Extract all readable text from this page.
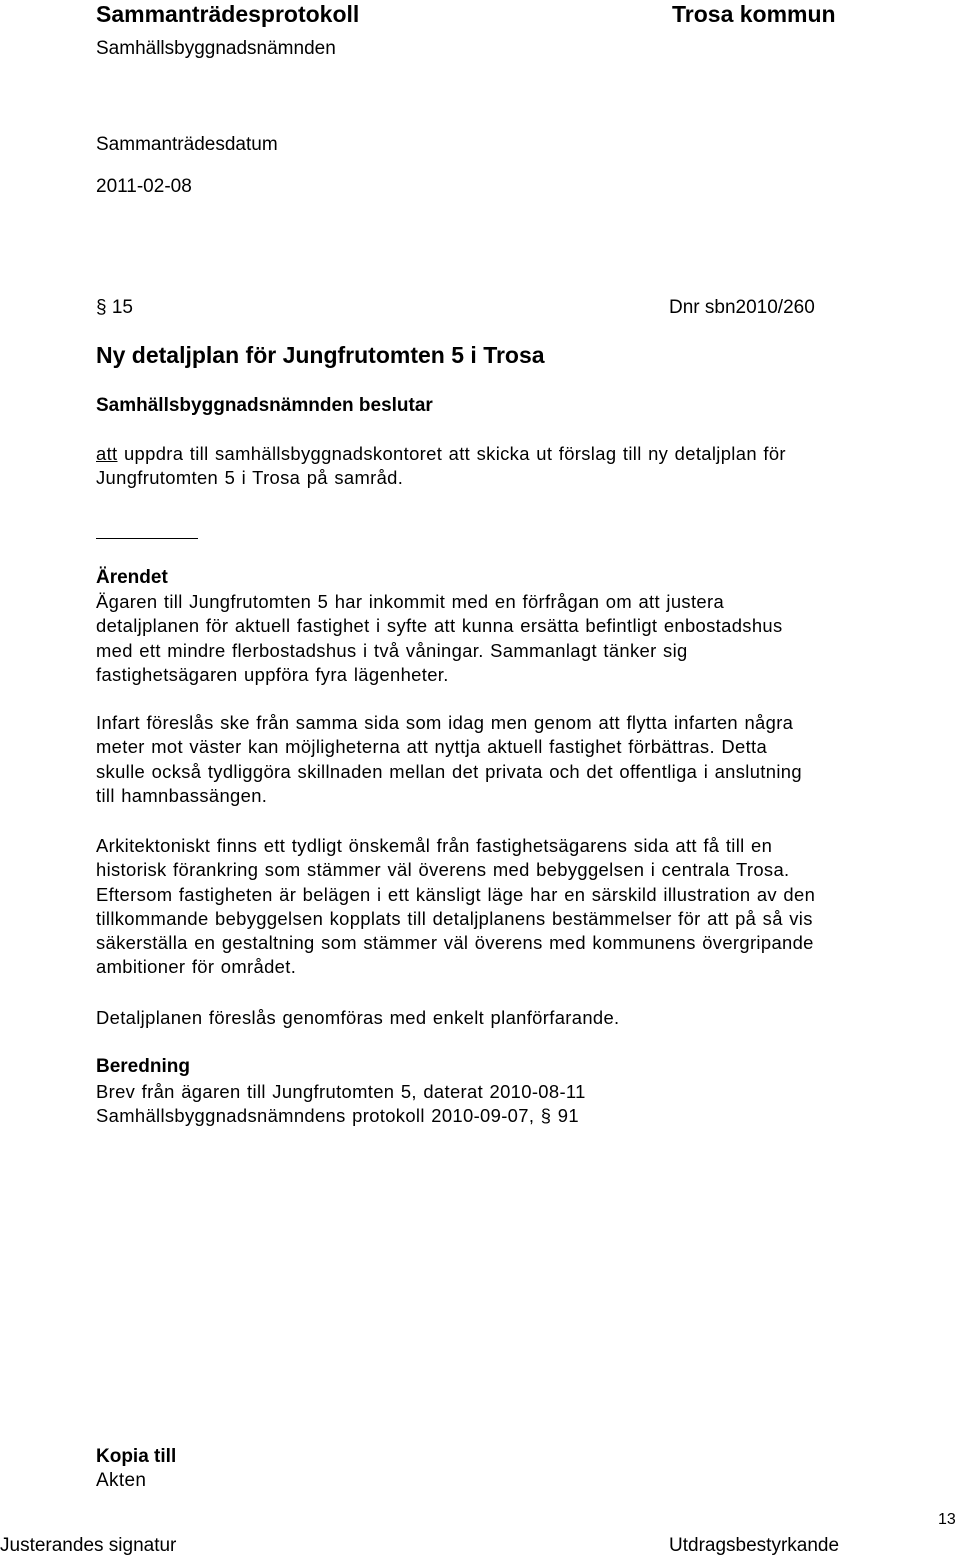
Sammanträdesprotokoll	Trosa kommun
Samhällsbyggnadsnämnden
Sammanträdesdatum
2011-02-08
§ 15	Dnr sbn2010/260
Ny detaljplan för Jungfrutomten 5 i Trosa
Samhällsbyggnadsnämnden beslutar
att uppdra till samhällsbyggnadskontoret att skicka ut förslag till ny detaljplan för
Jungfrutomten 5 i Trosa på samråd.
Ärendet
Ägaren till Jungfrutomten 5 har inkommit med en förfrågan om att justera
detaljplanen för aktuell fastighet i syfte att kunna ersätta befintligt enbostadshus
med ett mindre flerbostadshus i två våningar. Sammanlagt tänker sig
fastighetsägaren uppföra fyra lägenheter.
Infart föreslås ske från samma sida som idag men genom att flytta infarten några
meter mot väster kan möjligheterna att nyttja aktuell fastighet förbättras. Detta
skulle också tydliggöra skillnaden mellan det privata och det offentliga i anslutning
till hamnbassängen.
Arkitektoniskt finns ett tydligt önskemål från fastighetsägarens sida att få till en
historisk förankring som stämmer väl överens med bebyggelsen i centrala Trosa.
Eftersom fastigheten är belägen i ett känsligt läge har en särskild illustration av den
tillkommande bebyggelsen kopplats till detaljplanens bestämmelser för att på så vis
säkerställa en gestaltning som stämmer väl överens med kommunens övergripande
ambitioner för området.
Detaljplanen föreslås genomföras med enkelt planförfarande.
Beredning
Brev från ägaren till Jungfrutomten 5, daterat 2010-08-11
Samhällsbyggnadsnämndens protokoll 2010-09-07, § 91
Kopia till
Akten
13
Justerandes signatur	Utdragsbestyrkande
